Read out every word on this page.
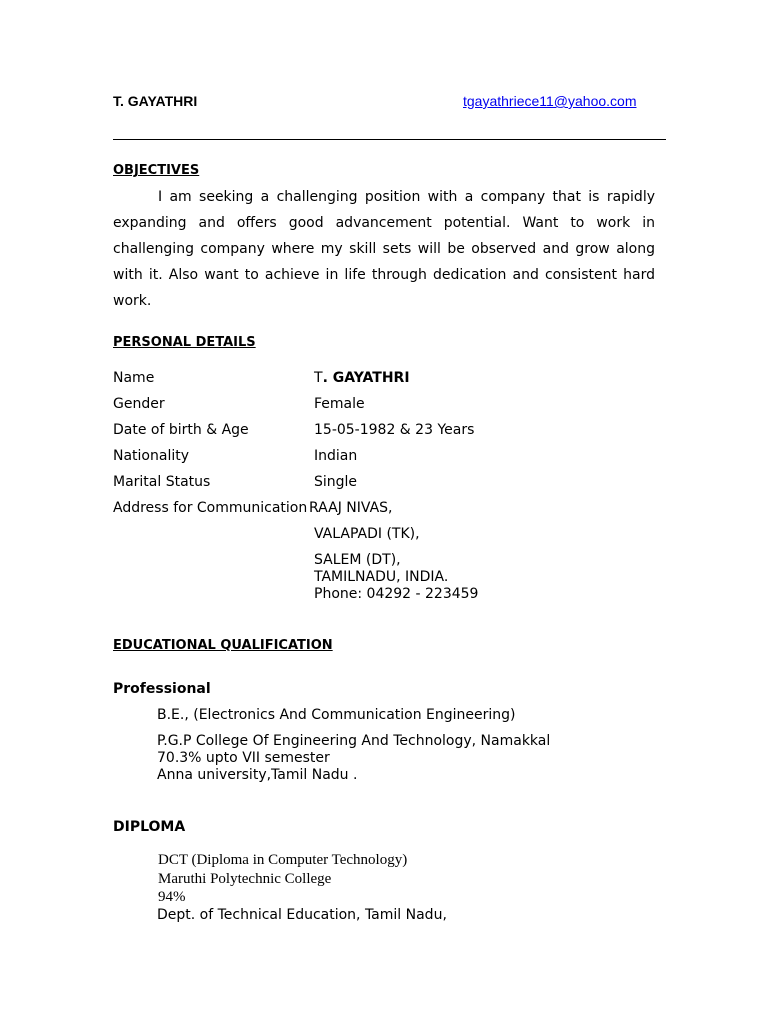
T. GAYATHRI	tgayathriece11@yahoo.com
OBJECTIVES

I am seeking a challenging position with a company that is rapidly expanding and offers good advancement potential. Want to work in challenging company where my skill sets will be observed and grow along with it. Also want to achieve in life through dedication and consistent hard work.

PERSONAL DETAILS
Name	T. GAYATHRI
Gender	Female
Date of birth & Age	15-05-1982 & 23 Years
Nationality	Indian
Marital Status	Single
Address for Communication RAAJ NIVAS,
VALAPADI (TK),
SALEM (DT),
TAMILNADU, INDIA.
Phone: 04292 - 223459
EDUCATIONAL QUALIFICATION
Professional
B.E., (Electronics And Communication Engineering)
P.G.P College Of Engineering And Technology, Namakkal
70.3% upto VII semester
Anna university,Tamil Nadu .
DIPLOMA
DCT (Diploma in Computer Technology)
Maruthi Polytechnic College
94%
Dept. of Technical Education, Tamil Nadu,
